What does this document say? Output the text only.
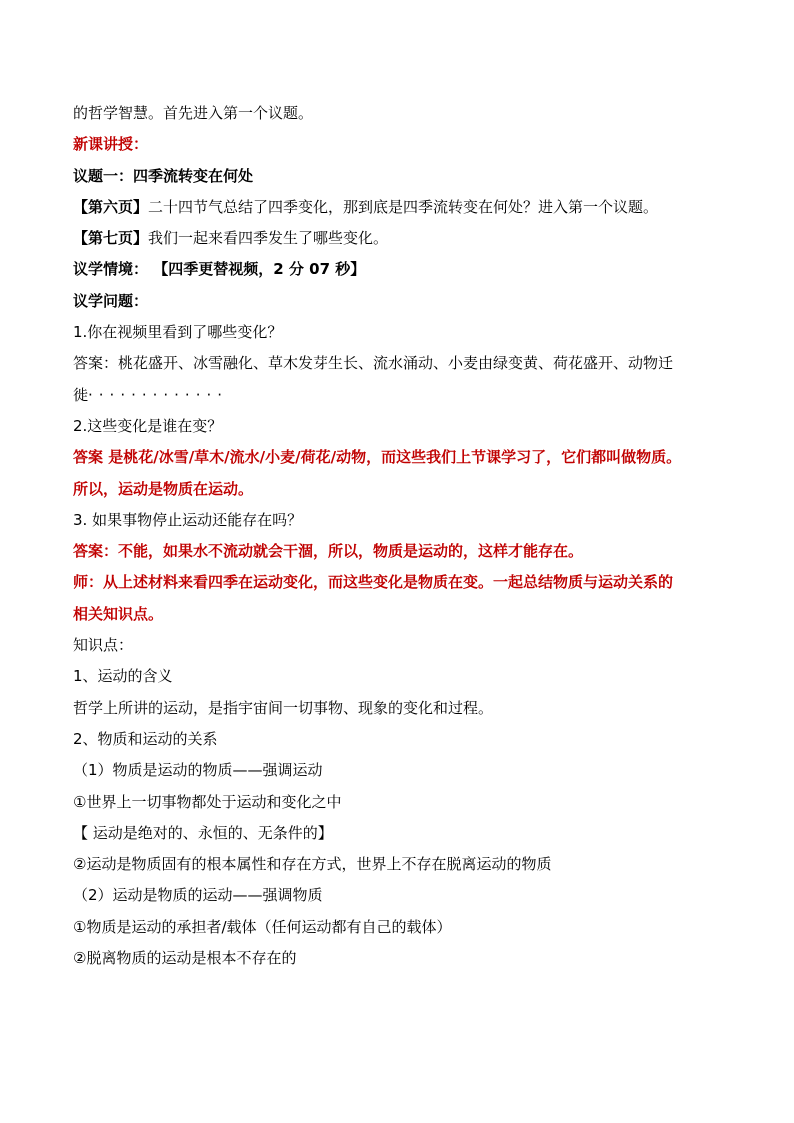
的哲学智慧。首先进入第一个议题。
新课讲授：
议题一：四季流转变在何处
【第六页】二十四节气总结了四季变化，那到底是四季流转变在何处？进入第一个议题。
【第七页】我们一起来看四季发生了哪些变化。
议学情境： 【四季更替视频，2 分 07 秒】
议学问题：
1.你在视频里看到了哪些变化？
答案：桃花盛开、冰雪融化、草木发芽生长、流水涌动、小麦由绿变黄、荷花盛开、动物迁
徙·············
2.这些变化是谁在变？
答案 是桃花/冰雪/草木/流水/小麦/荷花/动物，而这些我们上节课学习了，它们都叫做物质。
所以，运动是物质在运动。
3. 如果事物停止运动还能存在吗？
答案：不能，如果水不流动就会干涸，所以，物质是运动的，这样才能存在。
师：从上述材料来看四季在运动变化，而这些变化是物质在变。一起总结物质与运动关系的
相关知识点。
知识点：
1、运动的含义
哲学上所讲的运动，是指宇宙间一切事物、现象的变化和过程。
2、物质和运动的关系
（1）物质是运动的物质——强调运动
①世界上一切事物都处于运动和变化之中
【 运动是绝对的、永恒的、无条件的】
②运动是物质固有的根本属性和存在方式，世界上不存在脱离运动的物质
（2）运动是物质的运动——强调物质
①物质是运动的承担者/载体（任何运动都有自己的载体）
②脱离物质的运动是根本不存在的
